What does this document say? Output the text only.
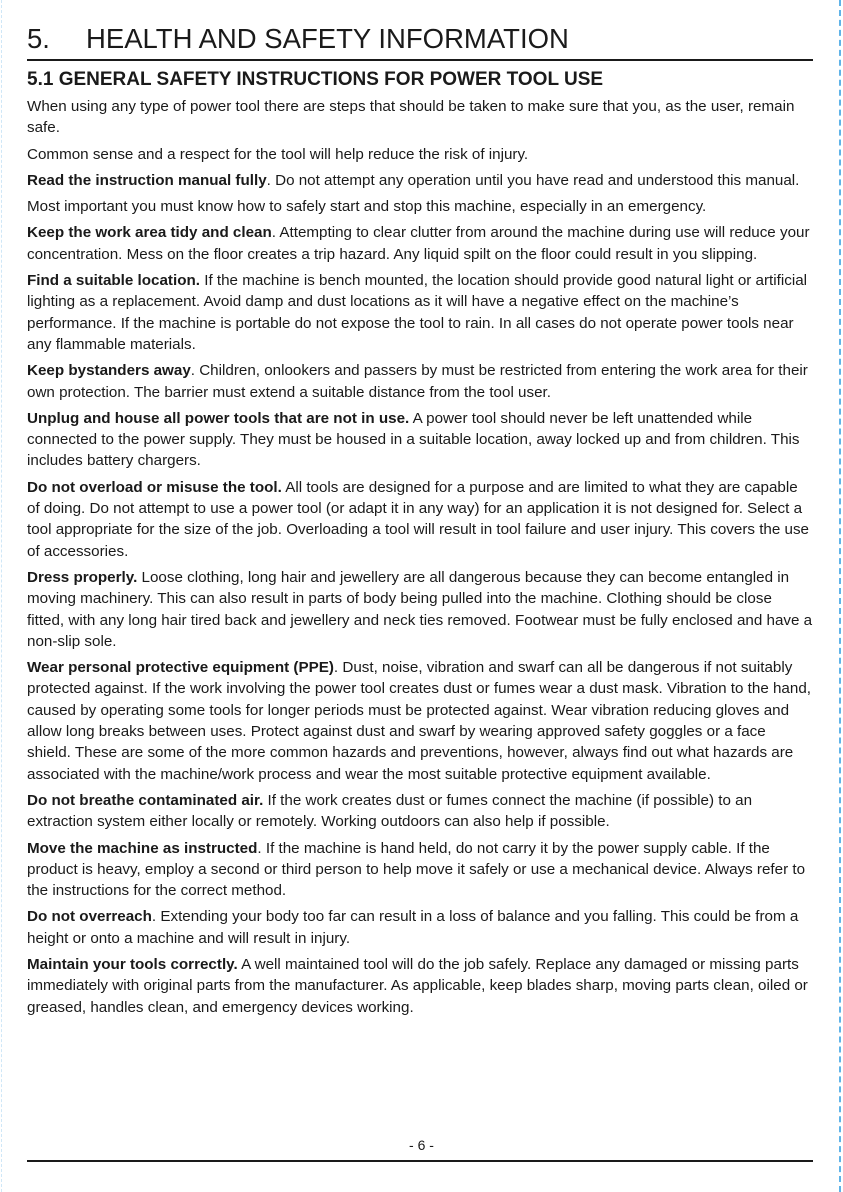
5.	HEALTH AND SAFETY INFORMATION
5.1 GENERAL SAFETY INSTRUCTIONS FOR POWER TOOL USE

When using any type of power tool there are steps that should be taken to make sure that you, as the user, remain safe.

Common sense and a respect for the tool will help reduce the risk of injury.

Read the instruction manual fully. Do not attempt any operation until you have read and understood this manual.

Most important you must know how to safely start and stop this machine, especially in an emergency.

Keep the work area tidy and clean. Attempting to clear clutter from around the machine during use will reduce your concentration. Mess on the floor creates a trip hazard. Any liquid spilt on the floor could result in you slipping.

Find a suitable location. If the machine is bench mounted, the location should provide good natural light or artificial lighting as a replacement. Avoid damp and dust locations as it will have a negative effect on the machine’s performance. If the machine is portable do not expose the tool to rain. In all cases do not operate power tools near any flammable materials.

Keep bystanders away. Children, onlookers and passers by must be restricted from entering the work area for their own protection. The barrier must extend a suitable distance from the tool user.

Unplug and house all power tools that are not in use. A power tool should never be left unattended while connected to the power supply. They must be housed in a suitable location, away locked up and from children. This includes battery chargers.

Do not overload or misuse the tool. All tools are designed for a purpose and are limited to what they are capable of doing. Do not attempt to use a power tool (or adapt it in any way) for an application it is not designed for. Select a tool appropriate for the size of the job. Overloading a tool will result in tool failure and user injury. This covers the use of accessories.

Dress properly. Loose clothing, long hair and jewellery are all dangerous because they can become entangled in moving machinery. This can also result in parts of body being pulled into the machine. Clothing should be close fitted, with any long hair tired back and jewellery and neck ties removed. Footwear must be fully enclosed and have a non-slip sole.

Wear personal protective equipment (PPE). Dust, noise, vibration and swarf can all be dangerous if not suitably protected against. If the work involving the power tool creates dust or fumes wear a dust mask. Vibration to the hand, caused by operating some tools for longer periods must be protected against. Wear vibration reducing gloves and allow long breaks between uses. Protect against dust and swarf by wearing approved safety goggles or a face shield. These are some of the more common hazards and preventions, however, always find out what hazards are associated with the machine/work process and wear the most suitable protective equipment available.

Do not breathe contaminated air. If the work creates dust or fumes connect the machine (if possible) to an extraction system either locally or remotely. Working outdoors can also help if possible.

Move the machine as instructed. If the machine is hand held, do not carry it by the power supply cable. If the product is heavy, employ a second or third person to help move it safely or use a mechanical device. Always refer to the instructions for the correct method.

Do not overreach. Extending your body too far can result in a loss of balance and you falling. This could be from a height or onto a machine and will result in injury.

Maintain your tools correctly. A well maintained tool will do the job safely. Replace any damaged or missing parts immediately with original parts from the manufacturer. As applicable, keep blades sharp, moving parts clean, oiled or greased, handles clean, and emergency devices working.

- 6 -
